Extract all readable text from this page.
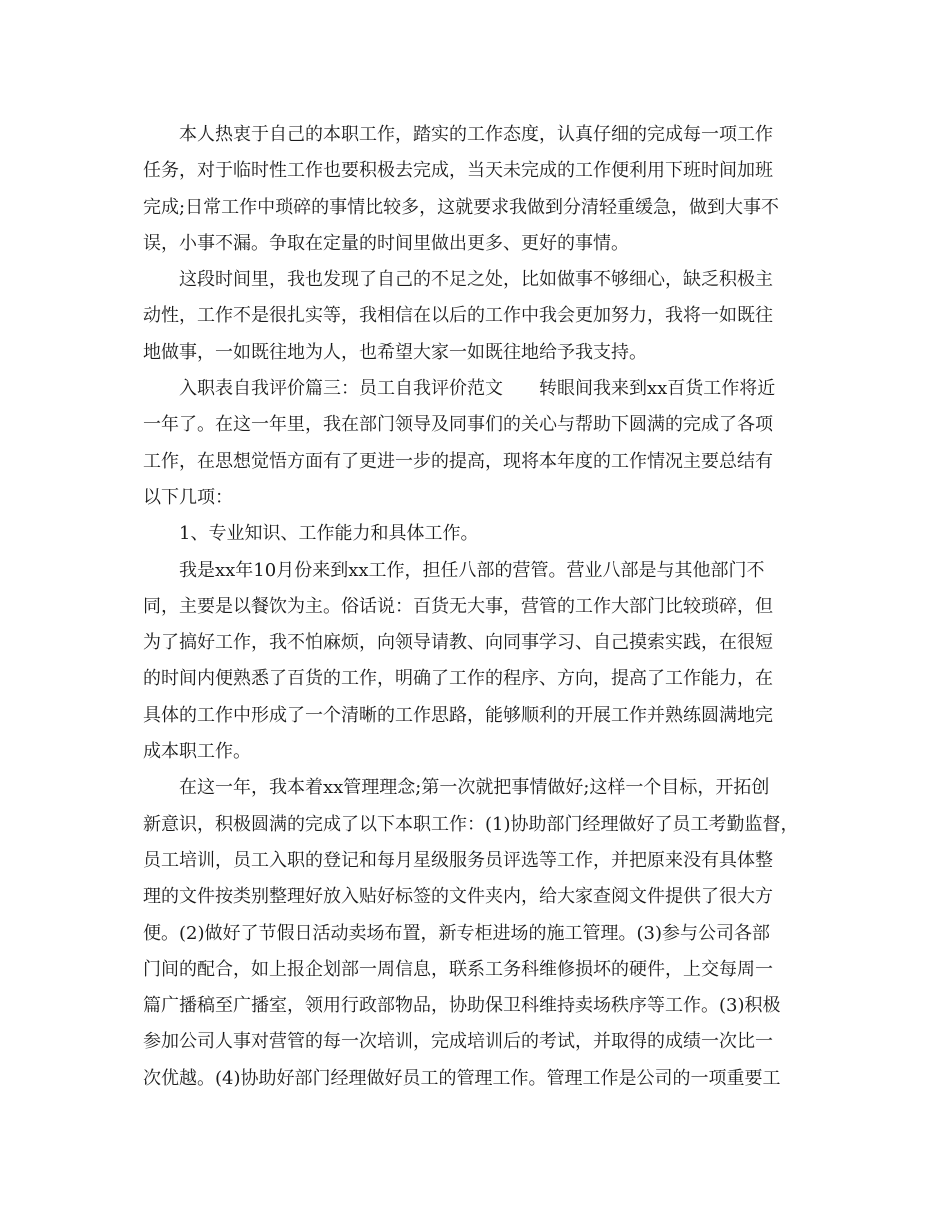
本人热衷于自己的本职工作，踏实的工作态度，认真仔细的完成每一项工作
任务，对于临时性工作也要积极去完成，当天未完成的工作便利用下班时间加班
完成;日常工作中琐碎的事情比较多，这就要求我做到分清轻重缓急，做到大事不
误，小事不漏。争取在定量的时间里做出更多、更好的事情。
这段时间里，我也发现了自己的不足之处，比如做事不够细心，缺乏积极主
动性，工作不是很扎实等，我相信在以后的工作中我会更加努力，我将一如既往
地做事，一如既往地为人，也希望大家一如既往地给予我支持。
入职表自我评价篇三：员工自我评价范文　　转眼间我来到xx百货工作将近
一年了。在这一年里，我在部门领导及同事们的关心与帮助下圆满的完成了各项
工作，在思想觉悟方面有了更进一步的提高，现将本年度的工作情况主要总结有
以下几项：
1、专业知识、工作能力和具体工作。
我是xx年10月份来到xx工作，担任八部的营管。营业八部是与其他部门不
同，主要是以餐饮为主。俗话说：百货无大事，营管的工作大部门比较琐碎，但
为了搞好工作，我不怕麻烦，向领导请教、向同事学习、自己摸索实践，在很短
的时间内便熟悉了百货的工作，明确了工作的程序、方向，提高了工作能力，在
具体的工作中形成了一个清晰的工作思路，能够顺利的开展工作并熟练圆满地完
成本职工作。
在这一年，我本着xx管理理念;第一次就把事情做好;这样一个目标，开拓创
新意识，积极圆满的完成了以下本职工作：(1)协助部门经理做好了员工考勤监督，
员工培训，员工入职的登记和每月星级服务员评选等工作，并把原来没有具体整
理的文件按类别整理好放入贴好标签的文件夹内，给大家查阅文件提供了很大方
便。(2)做好了节假日活动卖场布置，新专柜进场的施工管理。(3)参与公司各部
门间的配合，如上报企划部一周信息，联系工务科维修损坏的硬件，上交每周一
篇广播稿至广播室，领用行政部物品，协助保卫科维持卖场秩序等工作。(3)积极
参加公司人事对营管的每一次培训，完成培训后的考试，并取得的成绩一次比一
次优越。(4)协助好部门经理做好员工的管理工作。管理工作是公司的一项重要工
